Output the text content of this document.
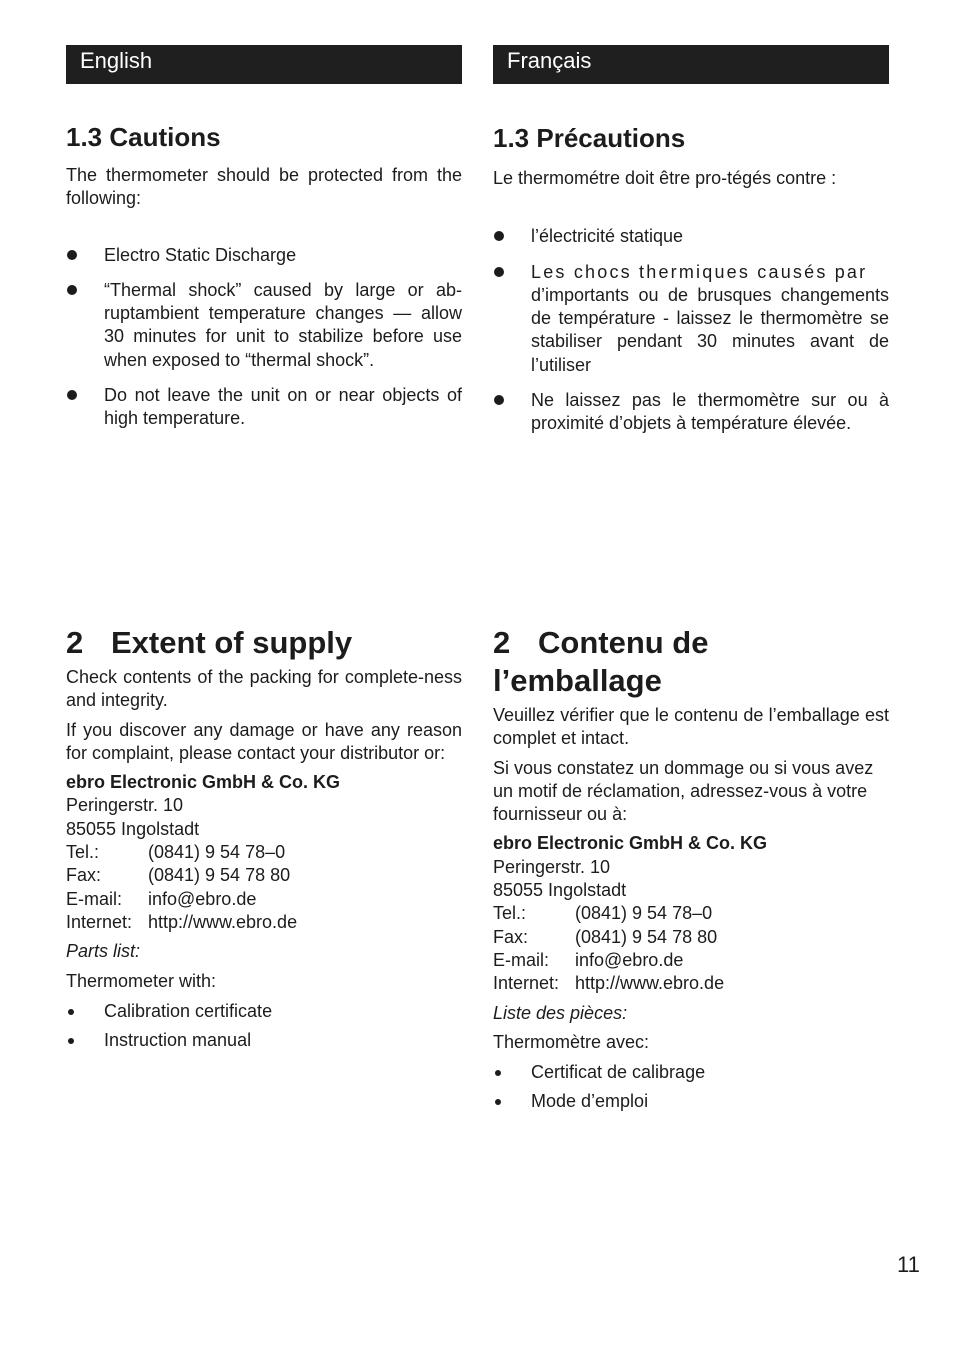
English	Français
1.3 Cautions

The thermometer should be protected from the following:

Electro Static Discharge
“Thermal shock” caused by large or ab-ruptambient temperature changes — allow 30 minutes for unit to stabilize before use when exposed to “thermal shock”.
Do not leave the unit on or near objects of high temperature.
1.3 Précautions

Le thermométre doit être pro-tégés contre :

l’électricité statique
Les chocs thermiques causés par
d’importants ou de brusques changements de température - laissez le thermomètre se stabiliser pendant 30 minutes avant de l’utiliser
Ne laissez pas le thermomètre sur ou à proximité d’objets à température élevée.
2 Extent of supply

Check contents of the packing for complete-ness and integrity.

If you discover any damage or have any reason for complaint, please contact your distributor or:

ebro Electronic GmbH & Co. KG
Peringerstr. 10
85055 Ingolstadt
Tel.:	(0841) 9 54 78–0
Fax:	(0841) 9 54 78 80
E-mail:	info@ebro.de
Internet: http://www.ebro.de

Parts list:

Thermometer with:

Calibration certificate
Instruction manual
2 Contenu de
l’emballage

Veuillez vérifier que le contenu de l’emballage est complet et intact.

Si vous constatez un dommage ou si vous avez un motif de réclamation, adressez-vous à votre fournisseur ou à:

ebro Electronic GmbH & Co. KG
Peringerstr. 10
85055 Ingolstadt
Tel.:	(0841) 9 54 78–0
Fax:	(0841) 9 54 78 80
E-mail:	info@ebro.de
Internet: http://www.ebro.de

Liste des pièces:

Thermomètre avec:

Certificat de calibrage
Mode d’emploi
11
